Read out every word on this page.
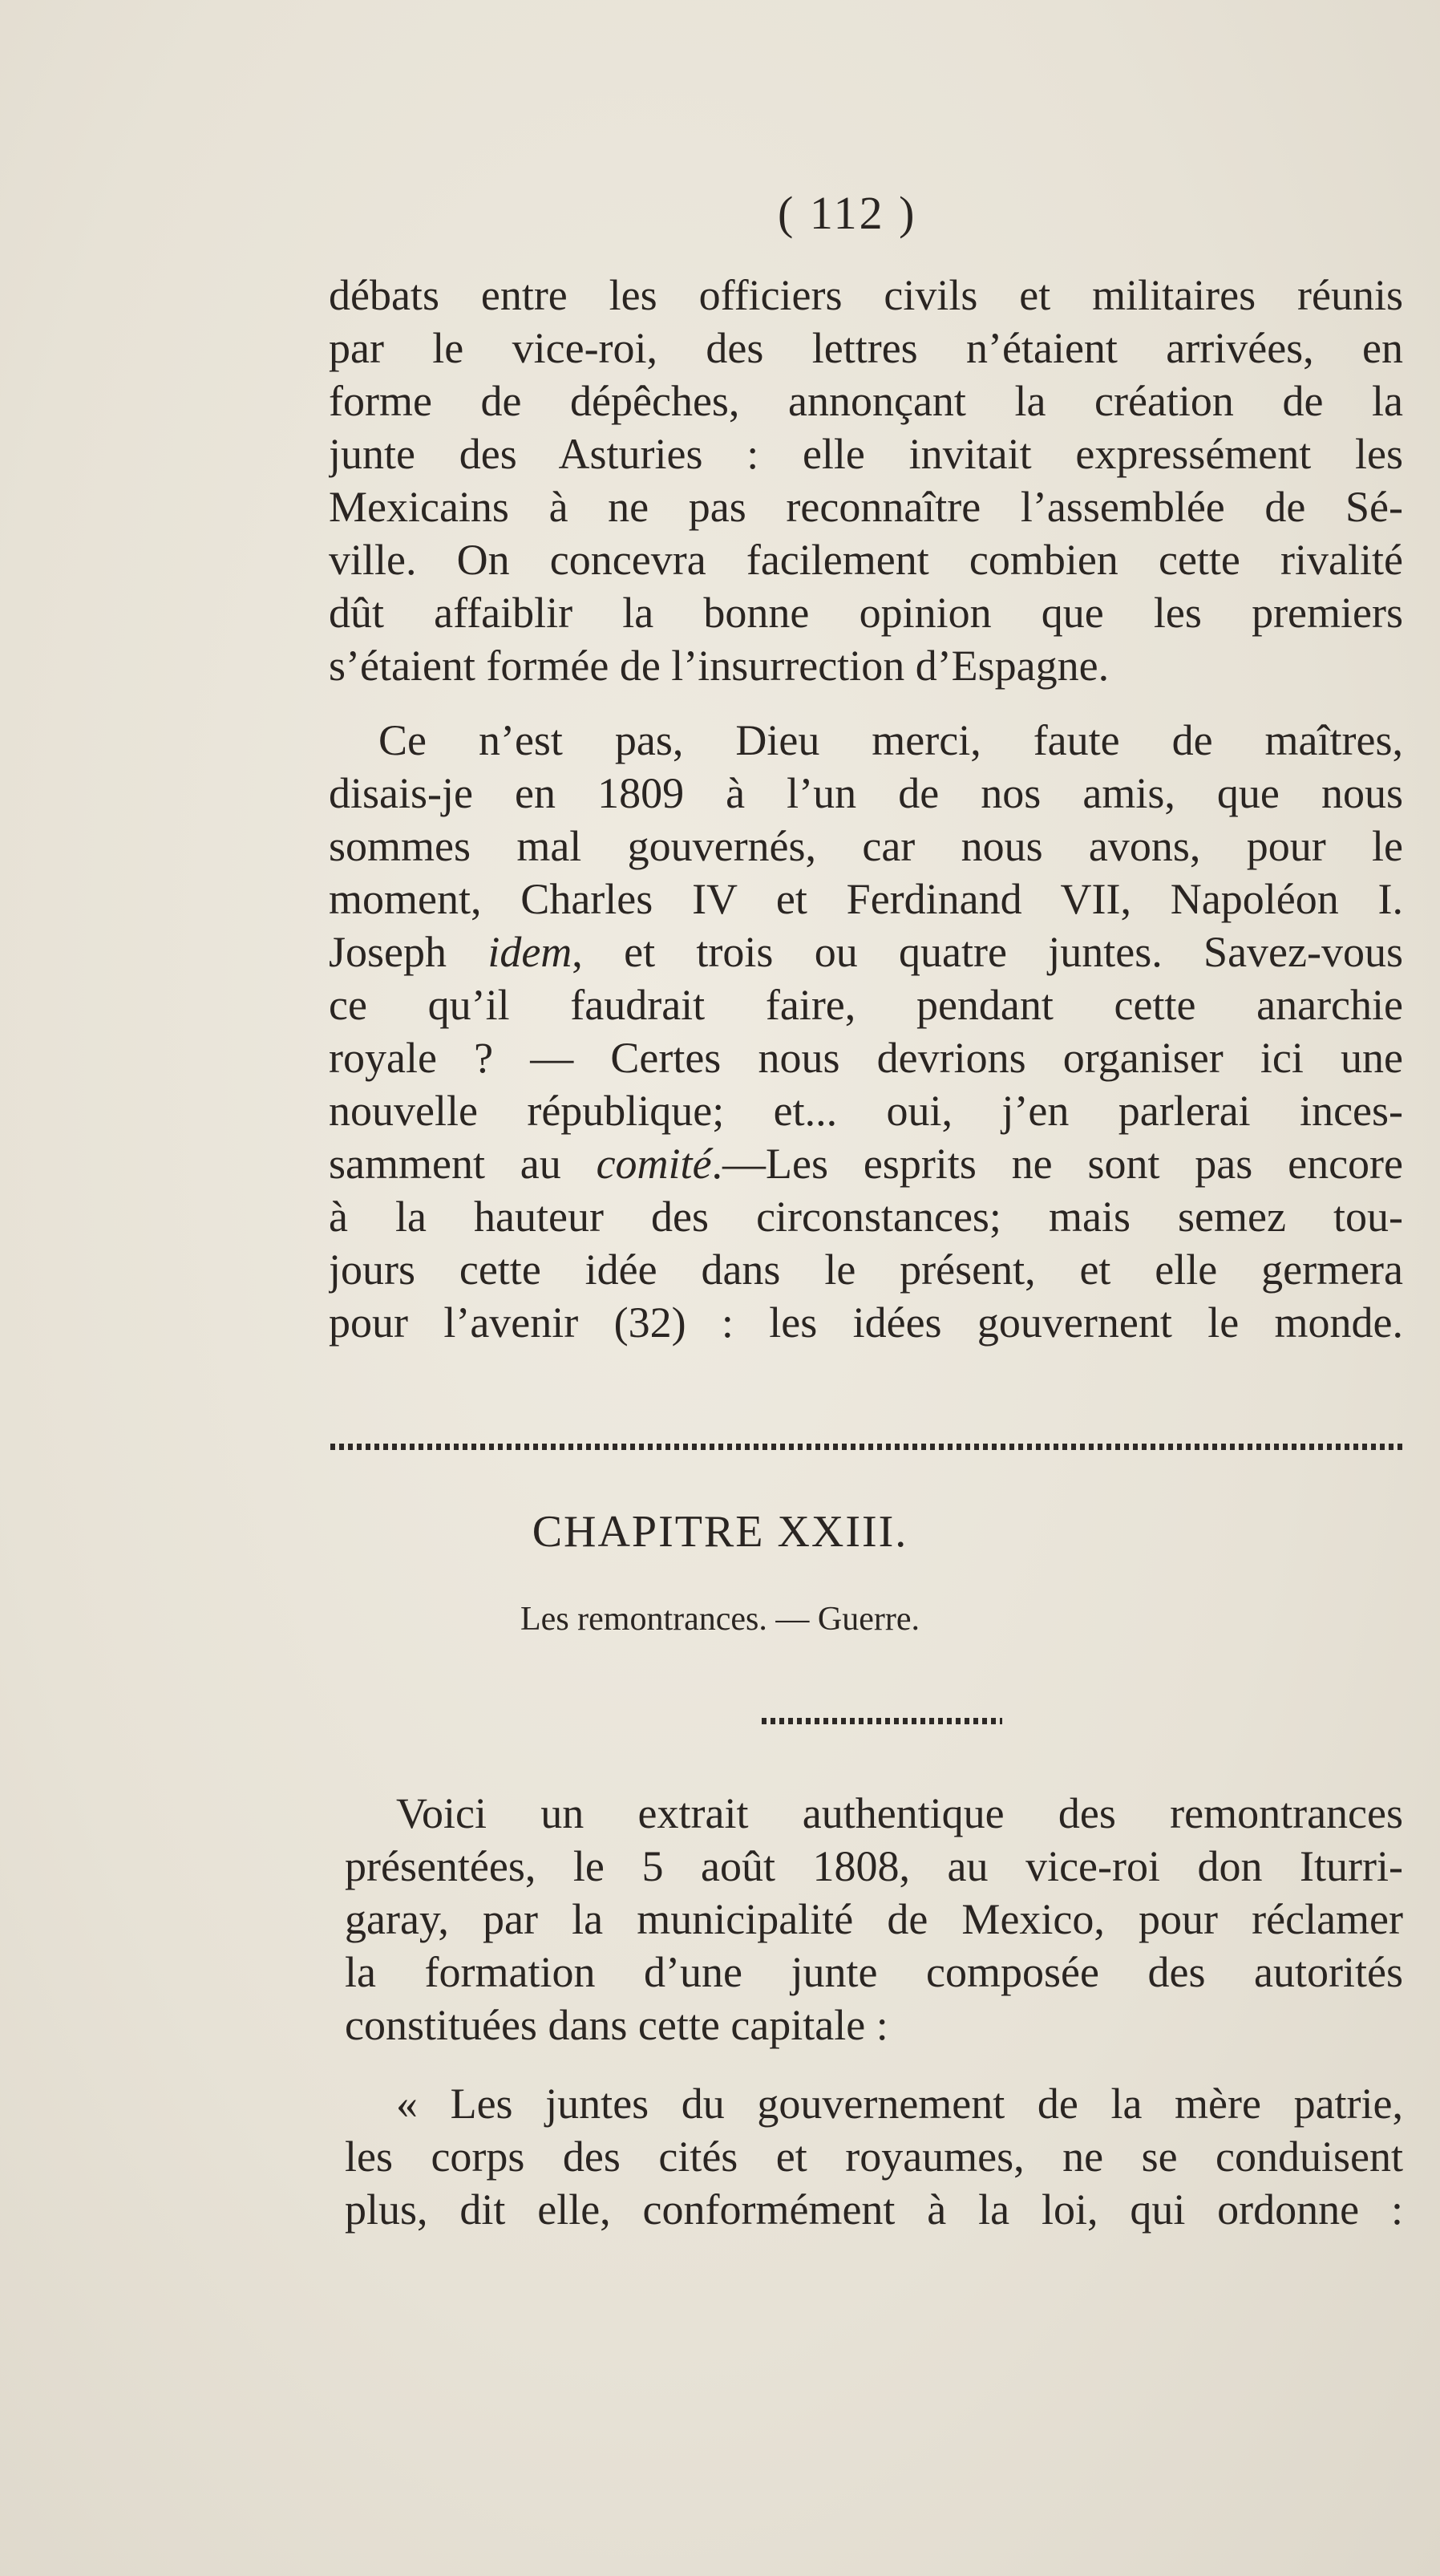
( 112 )
débats entre les officiers civils et militaires réunis
par le vice-roi, des lettres n’étaient arrivées, en
forme de dépêches, annonçant la création de la
junte des Asturies : elle invitait expressément les
Mexicains à ne pas reconnaître l’assemblée de Sé-
ville. On concevra facilement combien cette rivalité
dût affaiblir la bonne opinion que les premiers
s’étaient formée de l’insurrection d’Espagne.
Ce n’est pas, Dieu merci, faute de maîtres,
disais-je en 1809 à l’un de nos amis, que nous
sommes mal gouvernés, car nous avons, pour le
moment, Charles IV et Ferdinand VII, Napoléon I.
Joseph idem, et trois ou quatre juntes. Savez-vous
ce qu’il faudrait faire, pendant cette anarchie
royale ? — Certes nous devrions organiser ici une
nouvelle république; et... oui, j’en parlerai inces-
samment au comité.—Les esprits ne sont pas encore
à la hauteur des circonstances; mais semez tou-
jours cette idée dans le présent, et elle germera
pour l’avenir (32) : les idées gouvernent le monde.
Voici un extrait authentique des remontrances
présentées, le 5 août 1808, au vice-roi don Iturri-
garay, par la municipalité de Mexico, pour réclamer
la formation d’une junte composée des autorités
constituées dans cette capitale :
« Les juntes du gouvernement de la mère patrie,
les corps des cités et royaumes, ne se conduisent
plus, dit elle, conformément à la loi, qui ordonne :
CHAPITRE XXIII.
Les remontrances. — Guerre.
